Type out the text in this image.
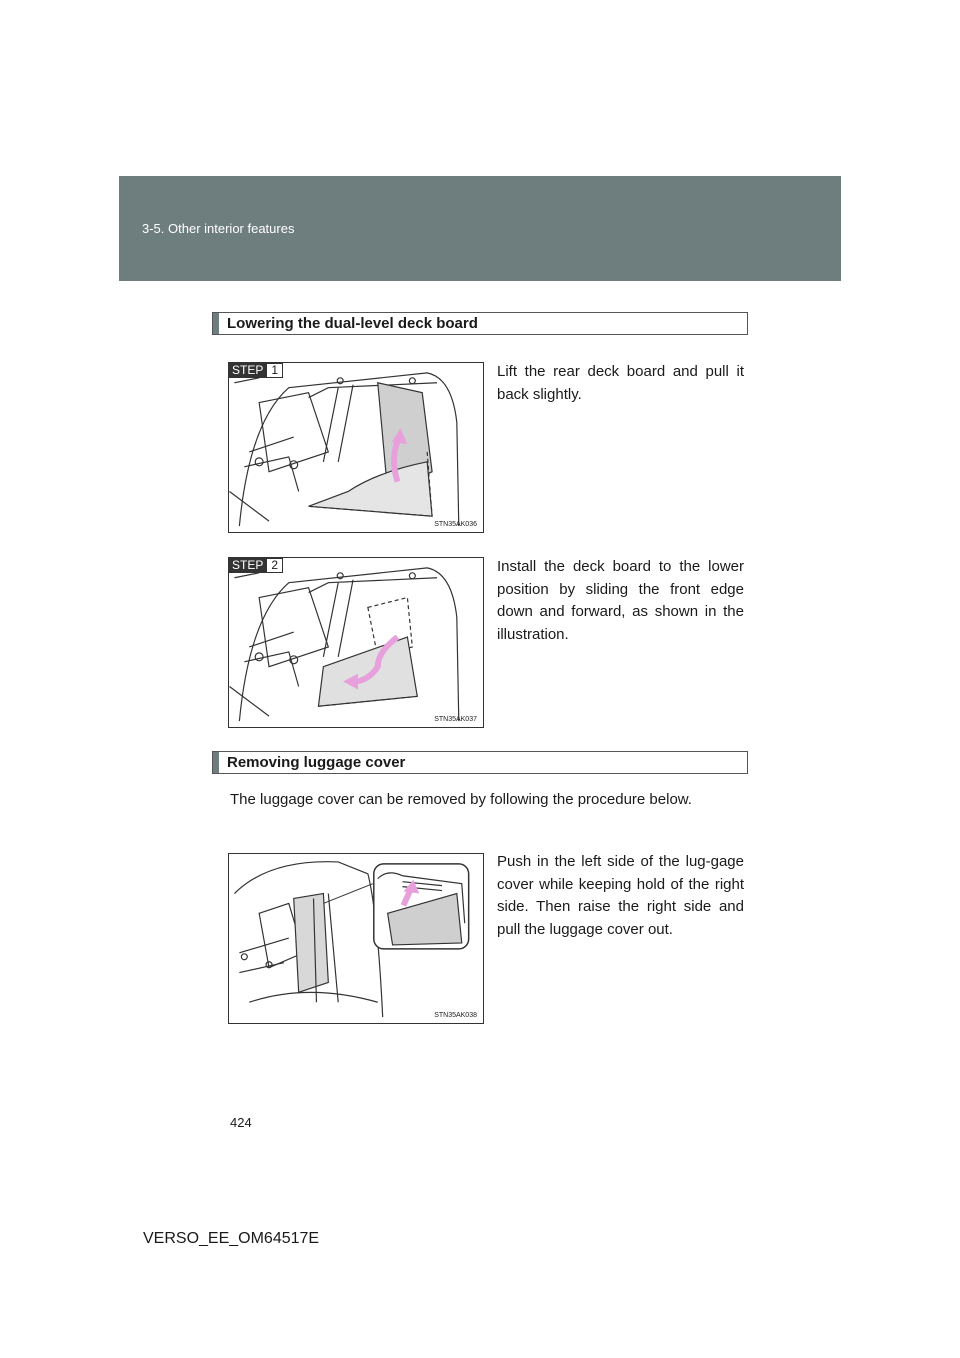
3-5. Other interior features
Lowering the dual-level deck board
STEP 1
STN35AK036
Lift the rear deck board and pull it back slightly.
STEP 2
STN35AK037
Install the deck board to the lower position by sliding the front edge down and forward, as shown in the illustration.
Removing luggage cover
The luggage cover can be removed by following the procedure below.
STN35AK038
Push in the left side of the lug-gage cover while keeping hold of the right side. Then raise the right side and pull the luggage cover out.
424
VERSO_EE_OM64517E
